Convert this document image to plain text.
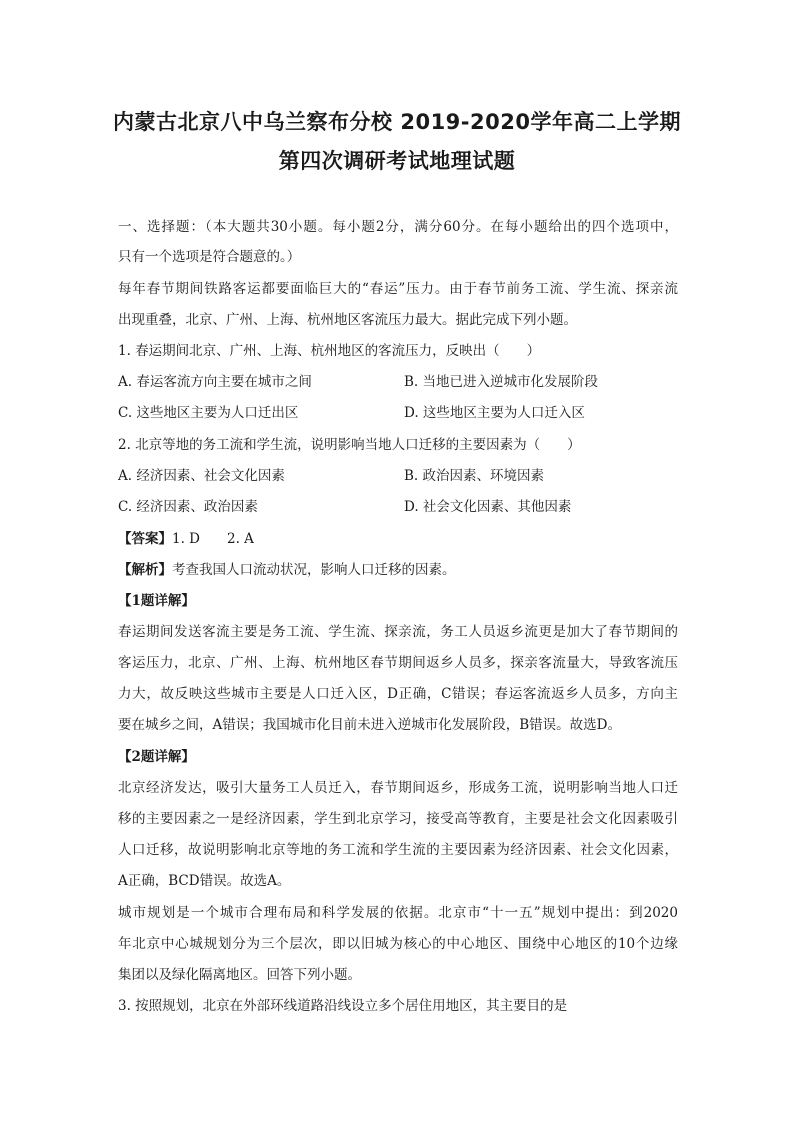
内蒙古北京八中乌兰察布分校 2019-2020学年高二上学期
第四次调研考试地理试题
一、选择题：（本大题共30小题。每小题2分，满分60分。在每小题给出的四个选项中，
只有一个选项是符合题意的。）
每年春节期间铁路客运都要面临巨大的“春运”压力。由于春节前务工流、学生流、探亲流
出现重叠，北京、广州、上海、杭州地区客流压力最大。据此完成下列小题。
1. 春运期间北京、广州、上海、杭州地区的客流压力，反映出（　　）
A. 春运客流方向主要在城市之间	B. 当地已进入逆城市化发展阶段
C. 这些地区主要为人口迁出区	D. 这些地区主要为人口迁入区
2. 北京等地的务工流和学生流，说明影响当地人口迁移的主要因素为（　　）
A. 经济因素、社会文化因素	B. 政治因素、环境因素
C. 经济因素、政治因素	D. 社会文化因素、其他因素
【答案】1. D　　2. A
【解析】考查我国人口流动状况，影响人口迁移的因素。
【1题详解】
春运期间发送客流主要是务工流、学生流、探亲流，务工人员返乡流更是加大了春节期间的
客运压力，北京、广州、上海、杭州地区春节期间返乡人员多，探亲客流量大，导致客流压
力大，故反映这些城市主要是人口迁入区，D正确，C错误；春运客流返乡人员多，方向主
要在城乡之间，A错误；我国城市化目前未进入逆城市化发展阶段，B错误。故选D。
【2题详解】
北京经济发达，吸引大量务工人员迁入，春节期间返乡，形成务工流，说明影响当地人口迁
移的主要因素之一是经济因素，学生到北京学习，接受高等教育，主要是社会文化因素吸引
人口迁移，故说明影响北京等地的务工流和学生流的主要因素为经济因素、社会文化因素，
A正确，BCD错误。故选A。
城市规划是一个城市合理布局和科学发展的依据。北京市“十一五”规划中提出：到2020
年北京中心城规划分为三个层次，即以旧城为核心的中心地区、围绕中心地区的10个边缘
集团以及绿化隔离地区。回答下列小题。
3. 按照规划，北京在外部环线道路沿线设立多个居住用地区，其主要目的是
